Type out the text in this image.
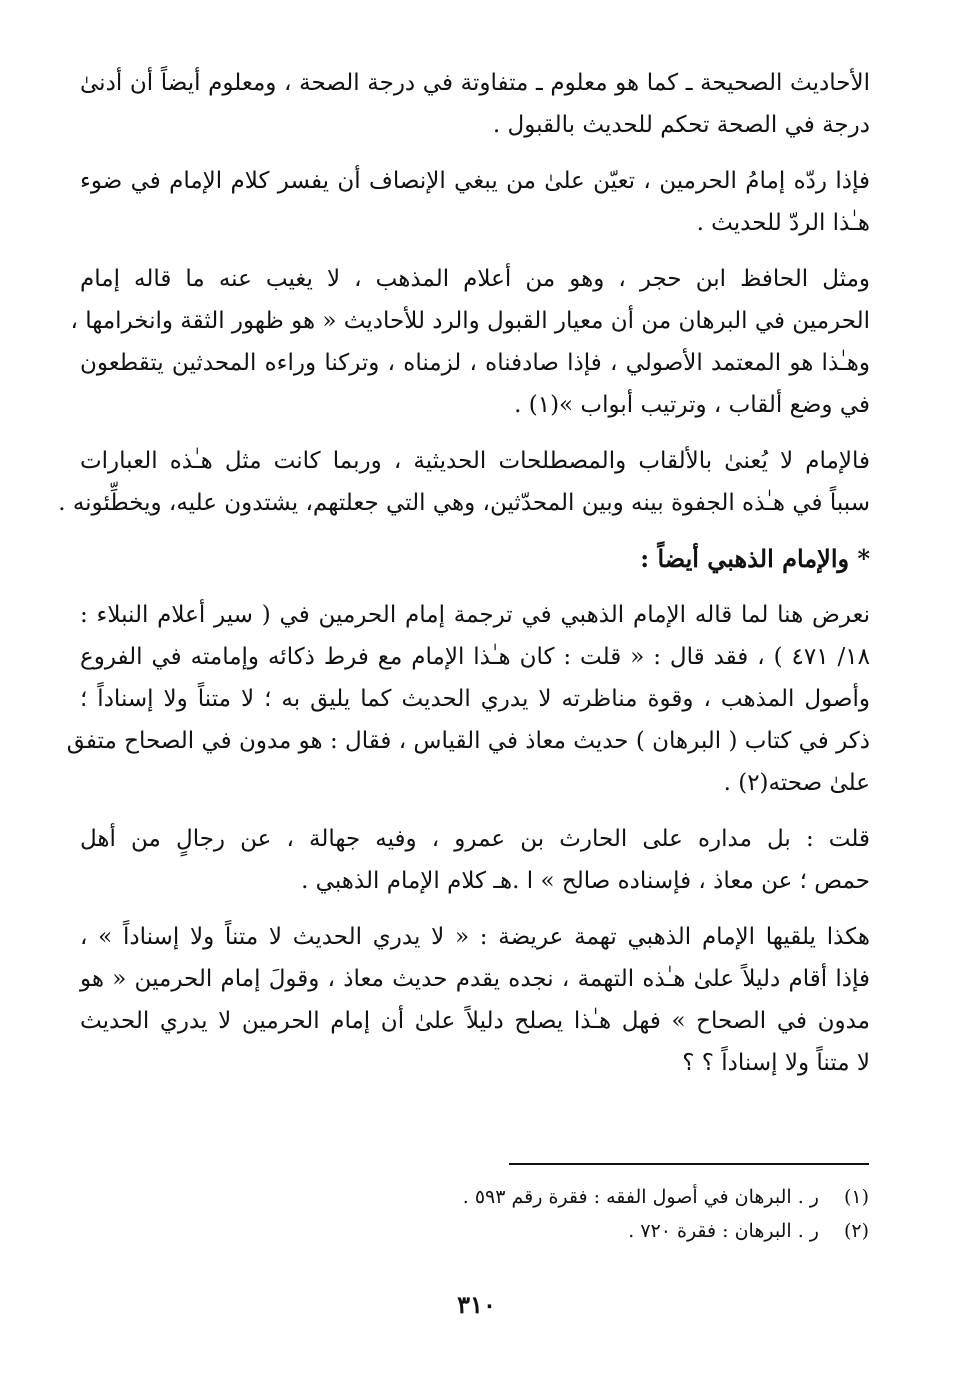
الأحاديث الصحيحة ـ كما هو معلوم ـ متفاوتة في درجة الصحة ، ومعلوم أيضاً أن أدنىٰ
درجة في الصحة تحكم للحديث بالقبول .

فإذا ردّه إمامُ الحرمين ، تعيّن علىٰ من يبغي الإنصاف أن يفسر كلام الإمام في ضوء
هـٰذا الردّ للحديث .

ومثل الحافظ ابن حجر ، وهو من أعلام المذهب ، لا يغيب عنه ما قاله إمام
الحرمين في البرهان من أن معيار القبول والرد للأحاديث « هو ظهور الثقة وانخرامها ،
وهـٰذا هو المعتمد الأصولي ، فإذا صادفناه ، لزمناه ، وتركنا وراءه المحدثين يتقطعون
في وضع ألقاب ، وترتيب أبواب »(١) .

فالإمام لا يُعنىٰ بالألقاب والمصطلحات الحديثية ، وربما كانت مثل هـٰذه العبارات
سبباً في هـٰذه الجفوة بينه وبين المحدّثين، وهي التي جعلتهم، يشتدون عليه، ويخطِّئونه .

* والإمام الذهبي أيضاً :

نعرض هنا لما قاله الإمام الذهبي في ترجمة إمام الحرمين في ( سير أعلام النبلاء :
١٨/ ٤٧١ ) ، فقد قال : « قلت : كان هـٰذا الإمام مع فرط ذكائه وإمامته في الفروع
وأصول المذهب ، وقوة مناظرته لا يدري الحديث كما يليق به ؛ لا متناً ولا إسناداً ؛
ذكر في كتاب ( البرهان ) حديث معاذ في القياس ، فقال : هو مدون في الصحاح متفق
علىٰ صحته(٢) .

قلت : بل مداره على الحارث بن عمرو ، وفيه جهالة ، عن رجالٍ من أهل
حمص ؛ عن معاذ ، فإسناده صالح » ا .هـ كلام الإمام الذهبي .

هكذا يلقيها الإمام الذهبي تهمة عريضة : « لا يدري الحديث لا متناً ولا إسناداً » ،
فإذا أقام دليلاً علىٰ هـٰذه التهمة ، نجده يقدم حديث معاذ ، وقولَ إمام الحرمين « هو
مدون في الصحاح » فهل هـٰذا يصلح دليلاً علىٰ أن إمام الحرمين لا يدري الحديث
لا متناً ولا إسناداً ؟ ؟

(١) ر . البرهان في أصول الفقه : فقرة رقم ٥٩٣ .
(٢) ر . البرهان : فقرة ٧٢٠ .
٣١٠
